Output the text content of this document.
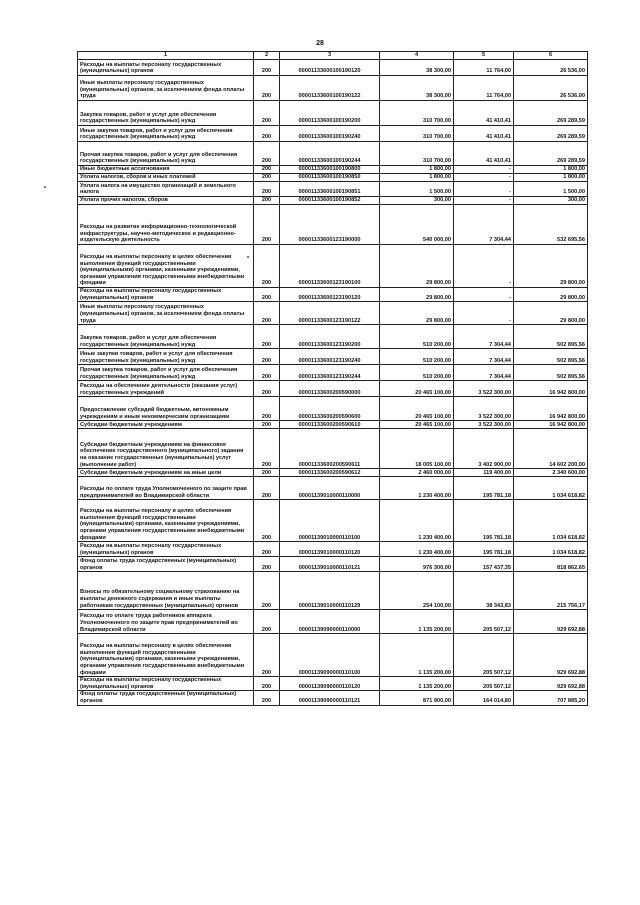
28
1	2	3	4	5	6
Расходы на выплаты персоналу государственных (муниципальных) органов	200	00001133600100190120	38 300,00	11 764,00	26 536,00
Иные выплаты персоналу государственных (муниципальных) органов, за исключением фонда оплаты труда	200	00001133600100190122	38 300,00	11 764,00	26 536,00
Закупка товаров, работ и услуг для обеспечения государственных (муниципальных) нужд	200	00001133600100190200	310 700,00	41 410,41	269 289,59
Иные закупки товаров, работ и услуг для обеспечения государственных (муниципальных) нужд	200	00001133600100190240	310 700,00	41 410,41	269 289,59
Прочая закупка товаров, работ и услуг для обеспечения государственных (муниципальных) нужд	200	00001133600100190244	310 700,00	41 410,41	269 289,59
Иные бюджетные ассигнования	200	00001133600100190800	1 800,00	-	1 800,00
Уплата налогов, сборов и иных платежей	200	00001133600100190850	1 800,00	-	1 800,00
Уплата налога на имущество организаций и земельного налога	200	00001133600100190851	1 500,00	-	1 500,00
Уплата прочих налогов, сборов	200	00001133600100190852	300,00	-	300,00
Расходы на развитие информационно-технологической инфраструктуры, научно-методическое и редакционно-издательскую деятельность	200	00001133600123190000	540 000,00	7 304,44	532 695,56
Расходы на выплаты персоналу в целях обеспечения выполнения функций государственными (муниципальными) органами, казенными учреждениями, органами управления государственными внебюджетными фондами	200	00001133600123190100	29 800,00	-	29 800,00
Расходы на выплаты персоналу государственных (муниципальных) органов	200	00001133600123190120	29 800,00	-	29 800,00
Иные выплаты персоналу государственных (муниципальных) органов, за исключением фонда оплаты труда	200	00001133600123190122	29 800,00	-	29 800,00
Закупка товаров, работ и услуг для обеспечения государственных (муниципальных) нужд	200	00001133600123190200	510 200,00	7 304,44	502 895,56
Иные закупки товаров, работ и услуг для обеспечения государственных (муниципальных) нужд	200	00001133600123190240	510 200,00	7 304,44	502 895,56
Прочая закупка товаров, работ и услуг для обеспечения государственных (муниципальных) нужд	200	00001133600123190244	510 200,00	7 304,44	502 895,56
Расходы на обеспечение деятельности (оказания услуг) государственных учреждений	200	00001133600200590000	20 465 100,00	3 522 300,00	16 942 800,00
Предоставление субсидий бюджетным, автономным учреждениям и иным некоммерческим организациям	200	00001133600200590600	20 465 100,00	3 522 300,00	16 942 800,00
Субсидии бюджетным учреждениям	200	00001133600200590610	20 465 100,00	3 522 300,00	16 942 800,00
Субсидии бюджетным учреждениям на финансовое обеспечение государственного (муниципального) задания на оказание государственных (муниципальных) услуг (выполнение работ)	200	00001133600200590611	18 005 100,00	3 402 900,00	14 602 200,00
Субсидии бюджетным учреждениям на иные цели	200	00001133600200590612	2 460 000,00	119 400,00	2 340 600,00
Расходы по оплате труда Уполномоченного по защите прав предпринимателей во Владимирской области	200	00001139010000110000	1 230 400,00	195 781,18	1 034 618,82
Расходы на выплаты персоналу в целях обеспечения выполнения функций государственными (муниципальными) органами, казенными учреждениями, органами управления государственными внебюджетными фондами	200	00001139010000110100	1 230 400,00	195 781,18	1 034 618,82
Расходы на выплаты персоналу государственных (муниципальных) органов	200	00001139010000110120	1 230 400,00	195 781,18	1 034 618,82
Фонд оплаты труда государственных (муниципальных) органов	200	00001139010000110121	976 300,00	157 437,35	818 862,65
Взносы по обязательному социальному страхованию на выплаты денежного содержания и иные выплаты работникам государственных (муниципальных) органов	200	00001139010000110129	254 100,00	38 343,83	215 756,17
Расходы по оплате труда работников аппарата Уполномоченного по защите прав предпринимателей во Владимирской области	200	00001139090000110000	1 135 200,00	205 507,12	929 692,88
Расходы на выплаты персоналу в целях обеспечения выполнения функций государственными (муниципальными) органами, казенными учреждениями, органами управления государственными внебюджетными фондами	200	00001139090000110100	1 135 200,00	205 507,12	929 692,88
Расходы на выплаты персоналу государственных (муниципальных) органов	200	00001139090000110120	1 135 200,00	205 507,12	929 692,88
Фонд оплаты труда государственных (муниципальных) органов	200	00001139090000110121	871 900,00	164 014,80	707 885,20
